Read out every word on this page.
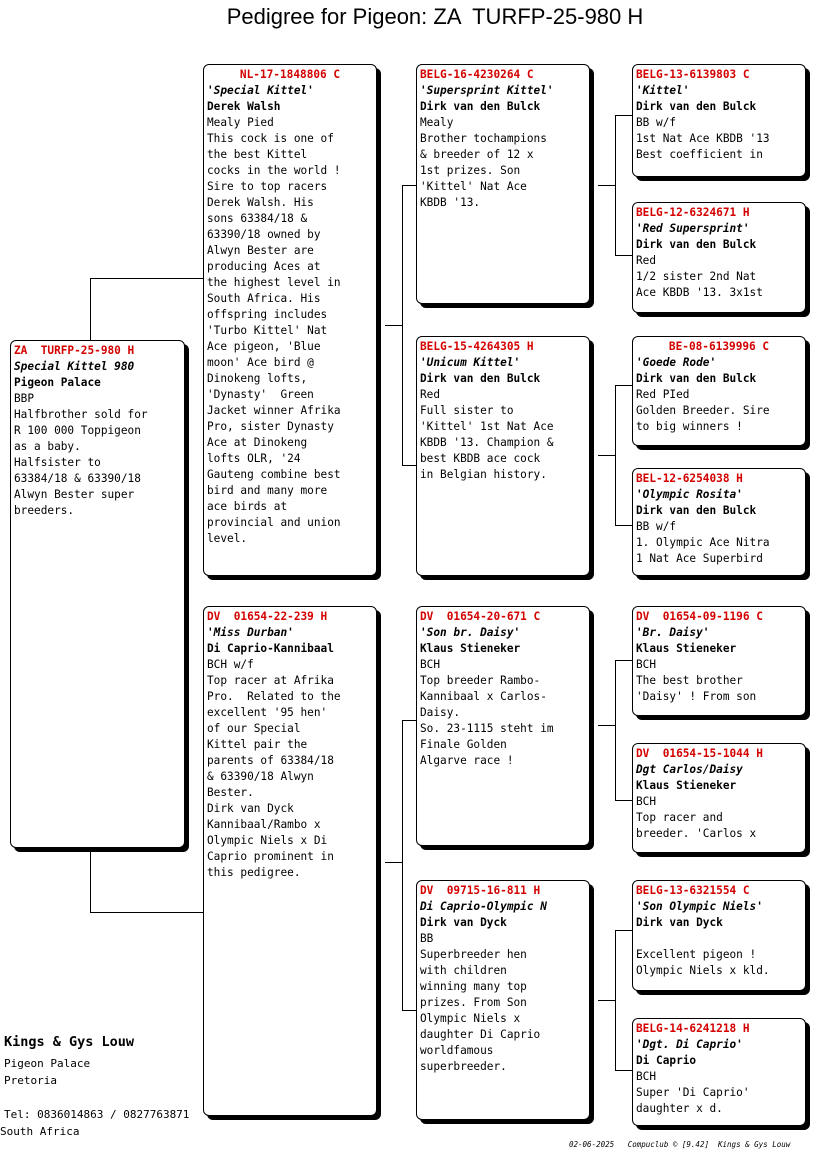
Pedigree for Pigeon: ZA  TURFP-25-980 H
ZA  TURFP-25-980 H
Special Kittel 980
Pigeon Palace
BBP
Halfbrother sold for
R 100 000 Toppigeon
as a baby.
Halfsister to
63384/18 & 63390/18
Alwyn Bester super
breeders.
NL-17-1848806 C
'Special Kittel'
Derek Walsh
Mealy Pied
This cock is one of
the best Kittel
cocks in the world !
Sire to top racers
Derek Walsh. His
sons 63384/18 &
63390/18 owned by
Alwyn Bester are
producing Aces at
the highest level in
South Africa. His
offspring includes
'Turbo Kittel' Nat
Ace pigeon, 'Blue
moon' Ace bird @
Dinokeng lofts,
'Dynasty'  Green
Jacket winner Afrika
Pro, sister Dynasty
Ace at Dinokeng
lofts OLR, '24
Gauteng combine best
bird and many more
ace birds at
provincial and union
level.
DV  01654-22-239 H
'Miss Durban'
Di Caprio-Kannibaal
BCH w/f
Top racer at Afrika
Pro.  Related to the
excellent '95 hen'
of our Special
Kittel pair the
parents of 63384/18
& 63390/18 Alwyn
Bester.
Dirk van Dyck
Kannibaal/Rambo x
Olympic Niels x Di
Caprio prominent in
this pedigree.
BELG-16-4230264 C
'Supersprint Kittel'
Dirk van den Bulck
Mealy
Brother tochampions
& breeder of 12 x
1st prizes. Son
'Kittel' Nat Ace
KBDB '13.
BELG-15-4264305 H
'Unicum Kittel'
Dirk van den Bulck
Red
Full sister to
'Kittel' 1st Nat Ace
KBDB '13. Champion &
best KBDB ace cock
in Belgian history.
DV  01654-20-671 C
'Son br. Daisy'
Klaus Stieneker
BCH
Top breeder Rambo-
Kannibaal x Carlos-
Daisy.
So. 23-1115 steht im
Finale Golden
Algarve race !
DV  09715-16-811 H
Di Caprio-Olympic N
Dirk van Dyck
BB
Superbreeder hen
with children
winning many top
prizes. From Son
Olympic Niels x
daughter Di Caprio
worldfamous
superbreeder.
BELG-13-6139803 C
'Kittel'
Dirk van den Bulck
BB w/f
1st Nat Ace KBDB '13
Best coefficient in
BELG-12-6324671 H
'Red Supersprint'
Dirk van den Bulck
Red
1/2 sister 2nd Nat
Ace KBDB '13. 3x1st
BE-08-6139996 C
'Goede Rode'
Dirk van den Bulck
Red PIed
Golden Breeder. Sire
to big winners !
BEL-12-6254038 H
'Olympic Rosita'
Dirk van den Bulck
BB w/f
1. Olympic Ace Nitra
1 Nat Ace Superbird
DV  01654-09-1196 C
'Br. Daisy'
Klaus Stieneker
BCH
The best brother
'Daisy' ! From son
DV  01654-15-1044 H
Dgt Carlos/Daisy
Klaus Stieneker
BCH
Top racer and
breeder. 'Carlos x
BELG-13-6321554 C
'Son Olympic Niels'
Dirk van Dyck
Excellent pigeon !
Olympic Niels x kld.
BELG-14-6241218 H
'Dgt. Di Caprio'
Di Caprio
BCH
Super 'Di Caprio'
daughter x d.
Kings & Gys Louw
Pigeon Palace
Pretoria
Tel: 0836014863 / 0827763871
South Africa
02-06-2025   Compuclub © [9.42]  Kings & Gys Louw
